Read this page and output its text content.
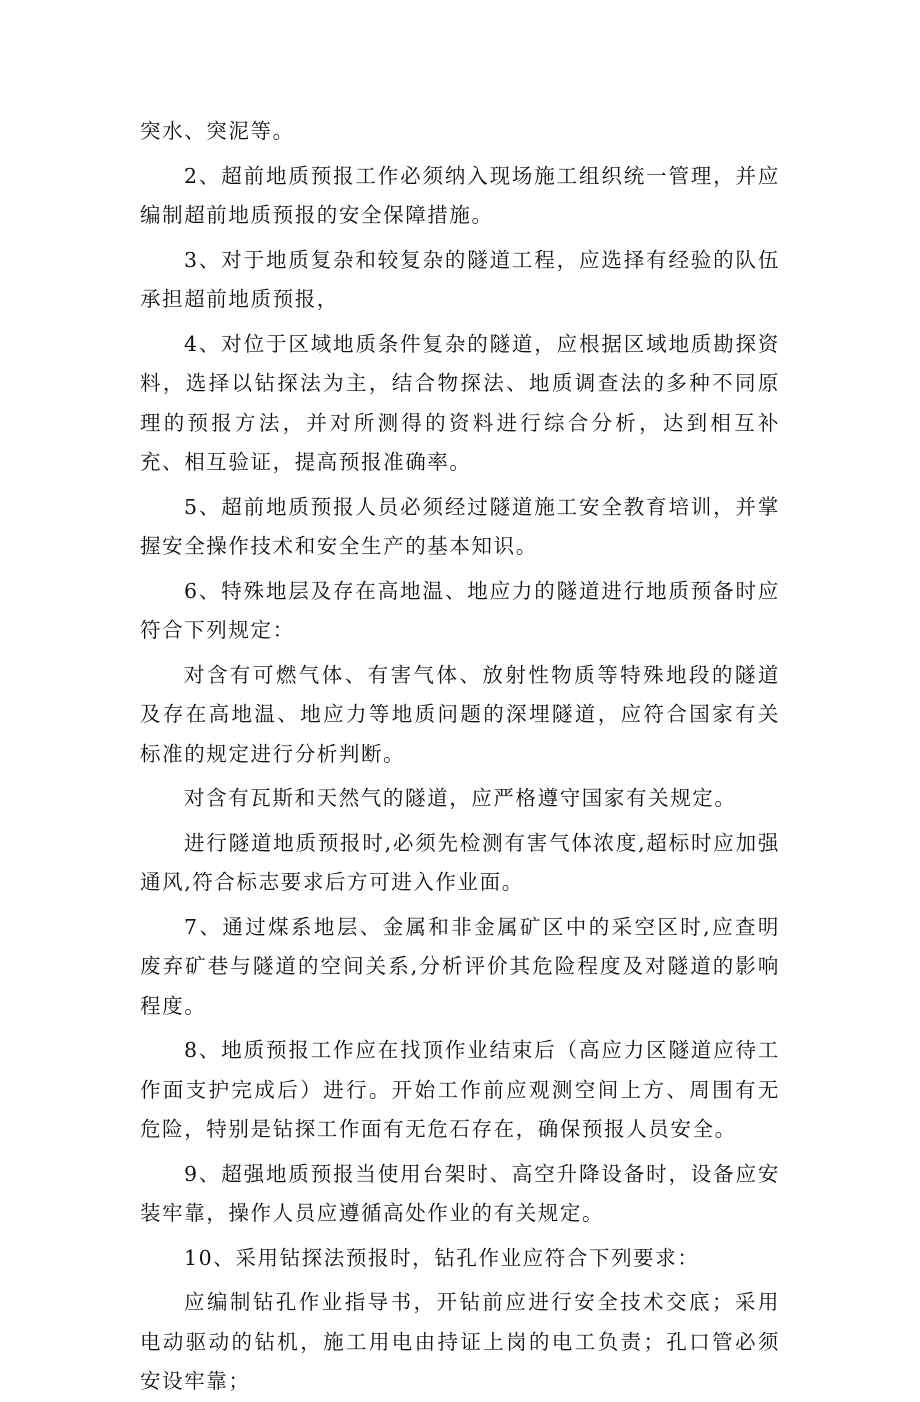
突水、突泥等。

2、超前地质预报工作必须纳入现场施工组织统一管理，并应编制超前地质预报的安全保障措施。

3、对于地质复杂和较复杂的隧道工程，应选择有经验的队伍承担超前地质预报，

4、对位于区域地质条件复杂的隧道，应根据区域地质勘探资料，选择以钻探法为主，结合物探法、地质调查法的多种不同原理的预报方法，并对所测得的资料进行综合分析，达到相互补充、相互验证，提高预报准确率。

5、超前地质预报人员必须经过隧道施工安全教育培训，并掌握安全操作技术和安全生产的基本知识。

6、特殊地层及存在高地温、地应力的隧道进行地质预备时应符合下列规定：

对含有可燃气体、有害气体、放射性物质等特殊地段的隧道及存在高地温、地应力等地质问题的深埋隧道，应符合国家有关标准的规定进行分析判断。

对含有瓦斯和天然气的隧道，应严格遵守国家有关规定。

进行隧道地质预报时,必须先检测有害气体浓度,超标时应加强通风,符合标志要求后方可进入作业面。

7、通过煤系地层、金属和非金属矿区中的采空区时,应查明废弃矿巷与隧道的空间关系,分析评价其危险程度及对隧道的影响程度。

8、地质预报工作应在找顶作业结束后（高应力区隧道应待工作面支护完成后）进行。开始工作前应观测空间上方、周围有无危险，特别是钻探工作面有无危石存在，确保预报人员安全。

9、超强地质预报当使用台架时、高空升降设备时，设备应安装牢靠，操作人员应遵循高处作业的有关规定。

10、采用钻探法预报时，钻孔作业应符合下列要求：

应编制钻孔作业指导书，开钻前应进行安全技术交底；采用电动驱动的钻机，施工用电由持证上岗的电工负责；孔口管必须安设牢靠；
